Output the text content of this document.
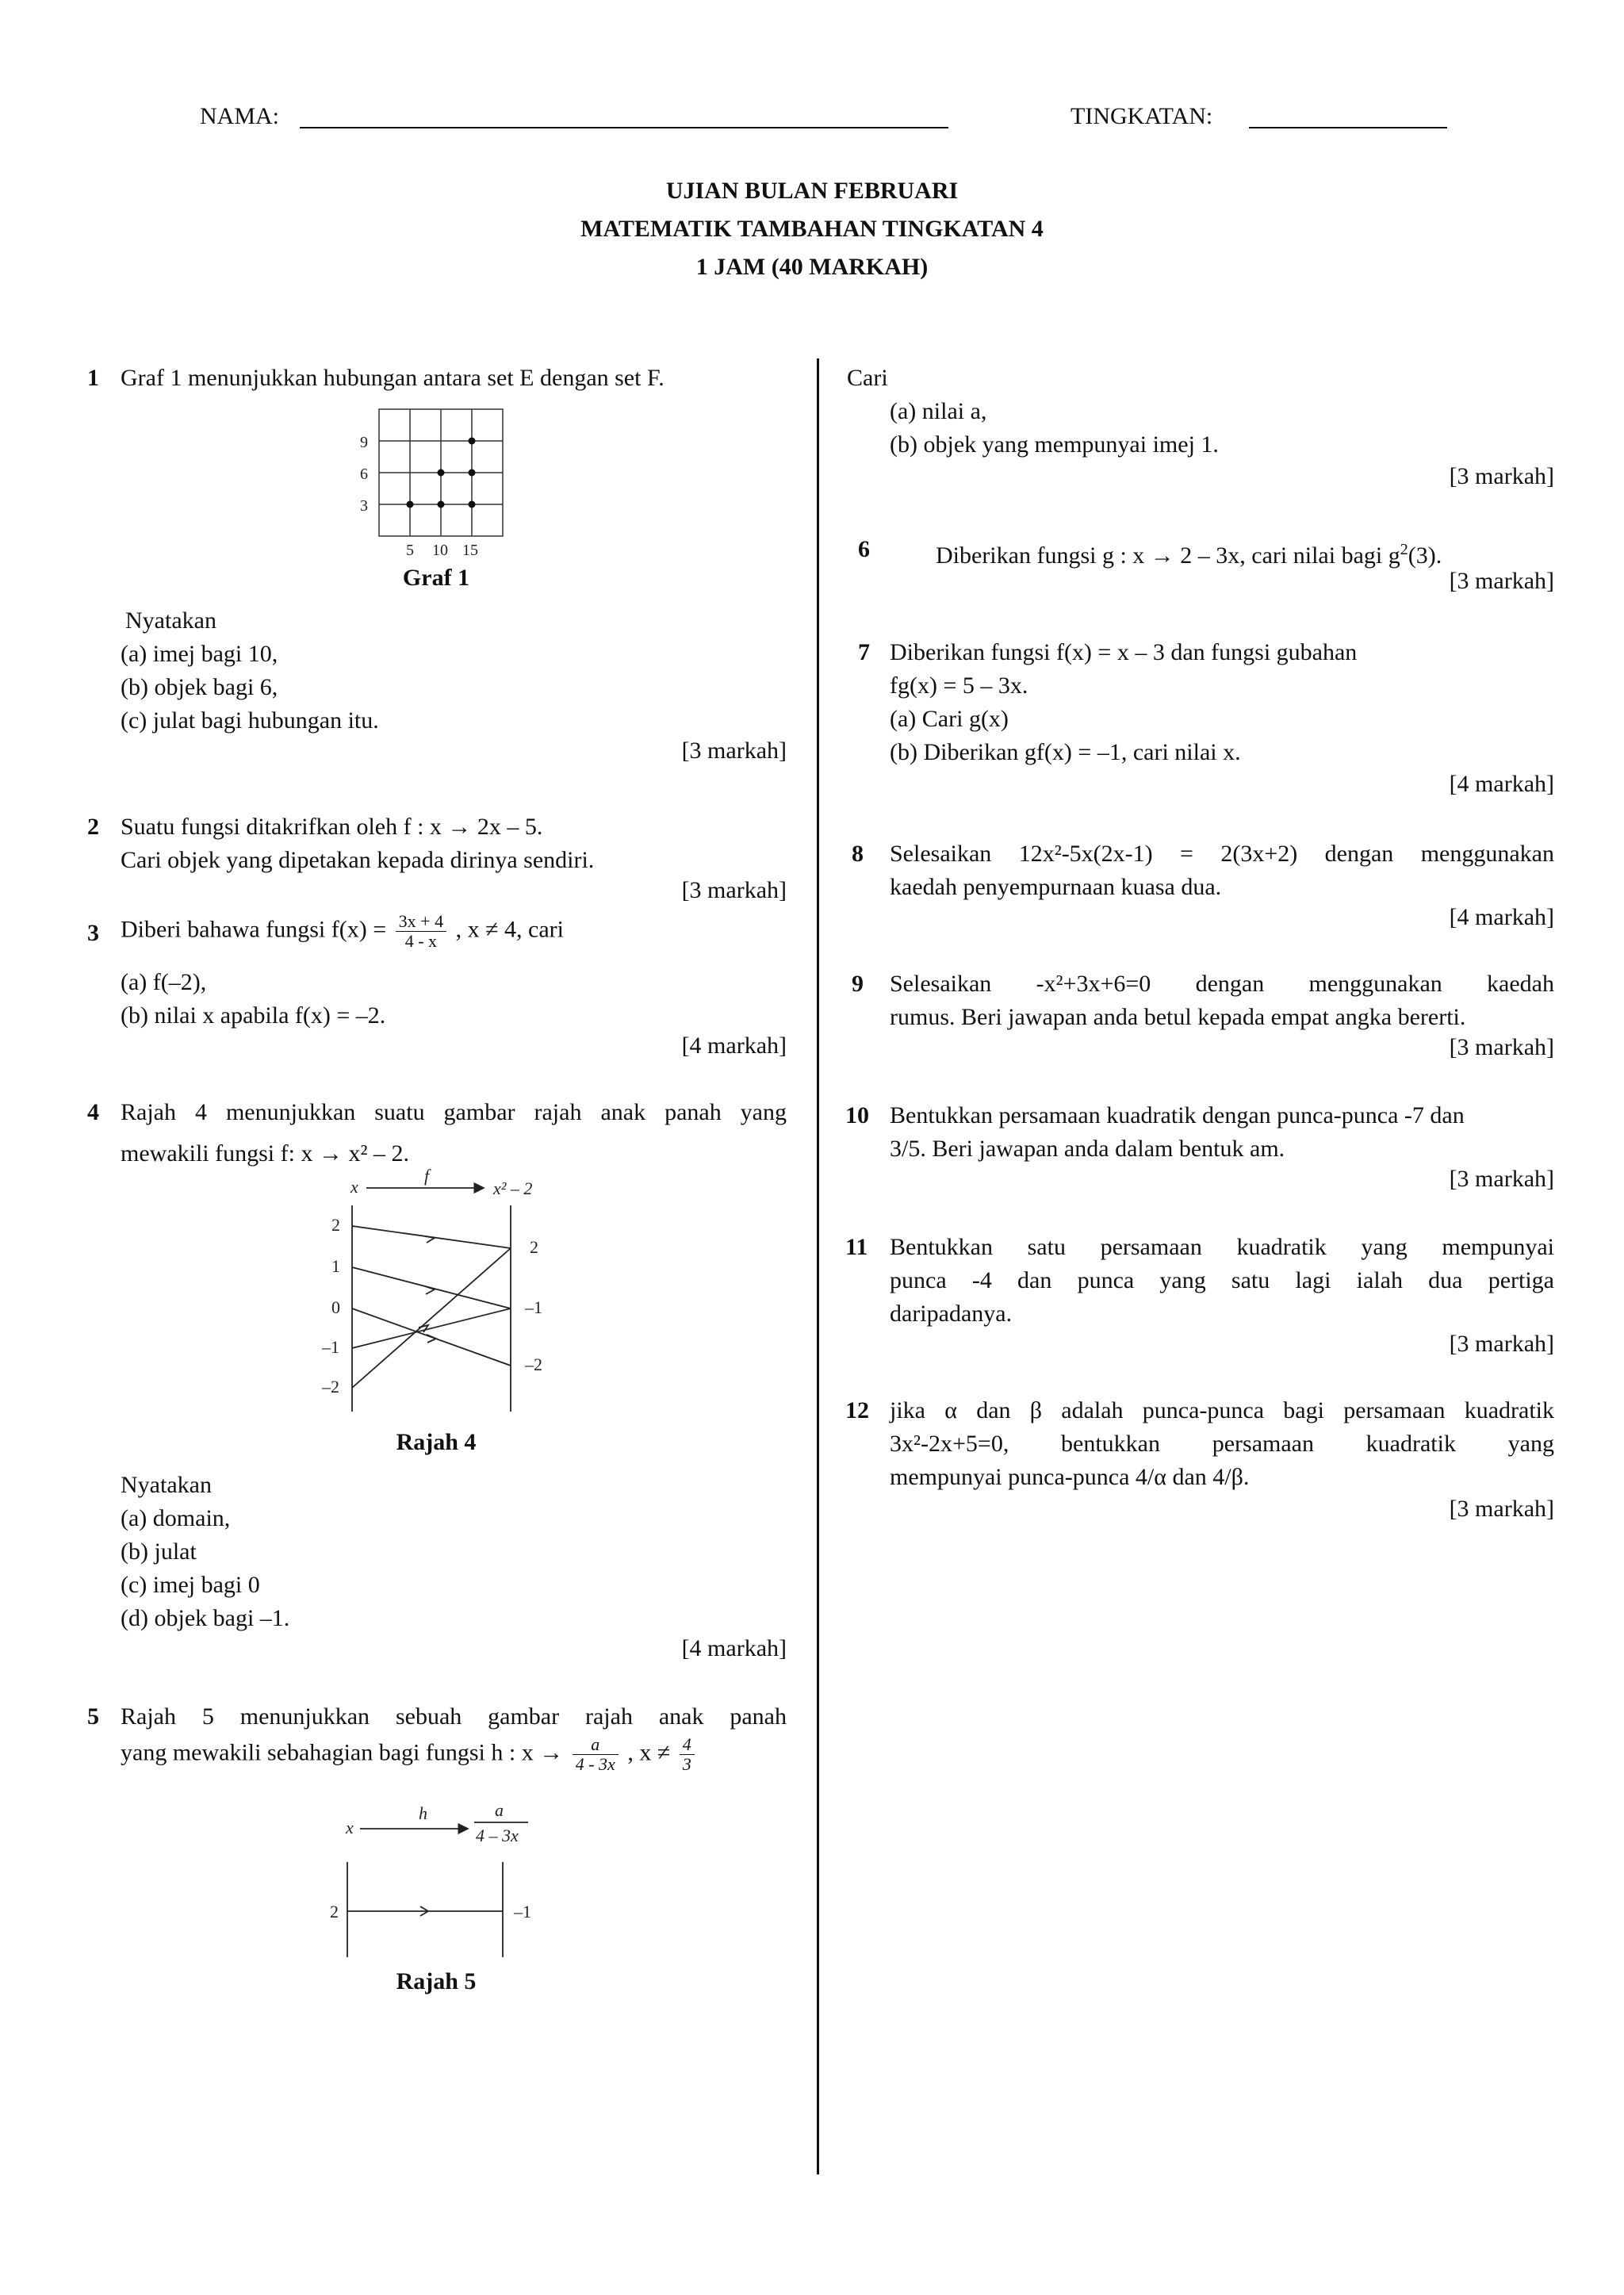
NAMA:	TINGKATAN:
UJIAN BULAN FEBRUARI
MATEMATIK TAMBAHAN TINGKATAN 4
1 JAM (40 MARKAH)
1 Graf 1 menunjukkan hubungan antara set E dengan set F.
9
6
3
5 10 15
Graf 1
Nyatakan
(a) imej bagi 10,
(b) objek bagi 6,
(c) julat bagi hubungan itu.
[3 markah]
2 Suatu fungsi ditakrifkan oleh f : x → 2x – 5.
Cari objek yang dipetakan kepada dirinya sendiri.
[3 markah]
3 Diberi bahawa fungsi $f(x) = \frac{3x + 4}{4 - x}$ , x ≠ 4, cari
(a) f(–2),
(b) nilai x apabila f(x) = –2.
[4 markah]
4 Rajah 4 menunjukkan suatu gambar rajah anak panah yang
mewakili fungsi f: x → x² – 2.
x
f
x² – 2
2
1
0
–1
–2
2
–1
–2
Rajah 4
Nyatakan
(a) domain,
(b) julat
(c) imej bagi 0
(d) objek bagi –1.
[4 markah]
5 Rajah 5 menunjukkan sebuah gambar rajah anak panah
yang mewakili sebahagian bagi fungsi h : $x \to \frac{a}{4 - 3x}$ , $x \ne \frac{4}{3}$
x
h	a
4 – 3x
2	–1
Rajah 5
Cari
(a) nilai a,
(b) objek yang mempunyai imej 1.
[3 markah]
6	Diberikan fungsi g : x → 2 – 3x, cari nilai bagi $g^2(3)$.
[3 markah]
7 Diberikan fungsi f(x) = x – 3 dan fungsi gubahan
fg(x) = 5 – 3x.
(a) Cari g(x)
(b) Diberikan gf(x) = –1, cari nilai x.
[4 markah]
8 Selesaikan 12x²-5x(2x-1) = 2(3x+2) dengan menggunakan
kaedah penyempurnaan kuasa dua.
[4 markah]
9 Selesaikan -x²+3x+6=0 dengan menggunakan kaedah
rumus. Beri jawapan anda betul kepada empat angka bererti.
[3 markah]
10 Bentukkan persamaan kuadratik dengan punca-punca -7 dan
3/5. Beri jawapan anda dalam bentuk am.
[3 markah]
11 Bentukkan satu persamaan kuadratik yang mempunyai
punca -4 dan punca yang satu lagi ialah dua pertiga
daripadanya.
[3 markah]
12 jika α dan β adalah punca-punca bagi persamaan kuadratik
3x²-2x+5=0, bentukkan persamaan kuadratik yang
mempunyai punca-punca 4/α dan 4/β.
[3 markah]
